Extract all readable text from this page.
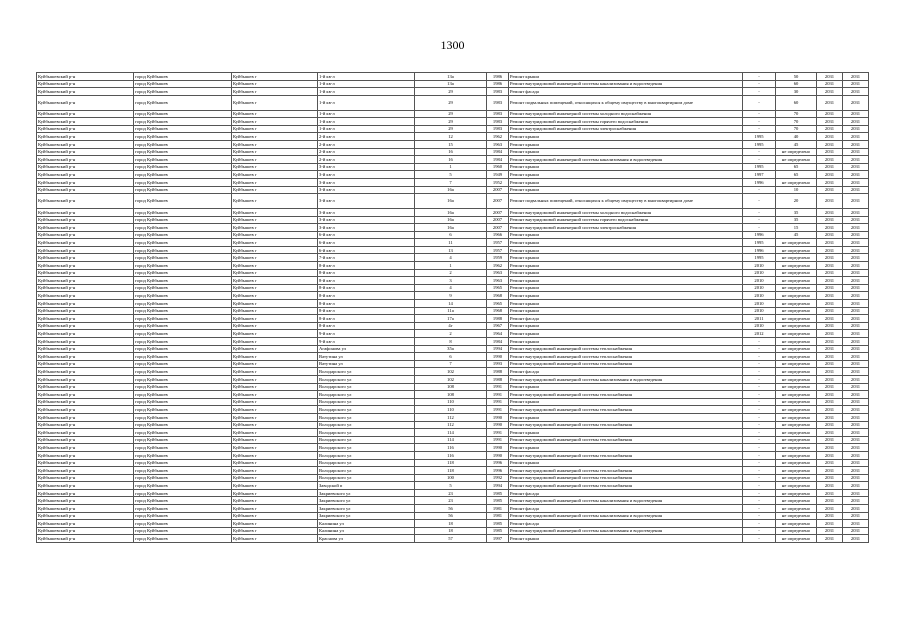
1300
Куйбышевский р-н	город Куйбышев	Куйбышев г	1-й кв-л	13а	1986	Ремонт крыши	-	50	2031	2031
Куйбышевский р-н	город Куйбышев	Куйбышев г	1-й кв-л	13а	1986	Ремонт внутридомовой инженерной системы канализования и водоотведения	-	60	2031	2031
Куйбышевский р-н	город Куйбышев	Куйбышев г	1-й кв-л	29	1983	Ремонт фасада	-	30	2031	2031
Куйбышевский р-н	город Куйбышев	Куйбышев г	1-й кв-л	29	1983	Ремонт подвальных помещений, относящихся к общему имуществу в многоквартирном доме	-	60	2031	2031
Куйбышевский р-н	город Куйбышев	Куйбышев г	1-й кв-л	29	1983	Ремонт внутридомовой инженерной системы холодного водоснабжения	-	70	2031	2031
Куйбышевский р-н	город Куйбышев	Куйбышев г	1-й кв-л	29	1983	Ремонт внутридомовой инженерной системы горячего водоснабжения	-	70	2031	2031
Куйбышевский р-н	город Куйбышев	Куйбышев г	1-й кв-л	29	1983	Ремонт внутридомовой инженерной системы электроснабжения	-	70	2031	2031
Куйбышевский р-н	город Куйбышев	Куйбышев г	2-й кв-л	12	1962	Ремонт крыши	1995	40	2031	2031
Куйбышевский р-н	город Куйбышев	Куйбышев г	2-й кв-л	15	1963	Ремонт крыши	1995	45	2031	2031
Куйбышевский р-н	город Куйбышев	Куйбышев г	2-й кв-л	16	1984	Ремонт крыши	-	не определено	2031	2031
Куйбышевский р-н	город Куйбышев	Куйбышев г	2-й кв-л	16	1984	Ремонт внутридомовой инженерной системы канализования и водоотведения	-	не определено	2031	2031
Куйбышевский р-н	город Куйбышев	Куйбышев г	3-й кв-л	1	1960	Ремонт крыши	1995	65	2031	2031
Куйбышевский р-н	город Куйбышев	Куйбышев г	3-й кв-л	5	1949	Ремонт крыши	1997	65	2031	2031
Куйбышевский р-н	город Куйбышев	Куйбышев г	3-й кв-л	7	1952	Ремонт крыши	1996	не определено	2031	2031
Куйбышевский р-н	город Куйбышев	Куйбышев г	3-й кв-л	16а	2007	Ремонт крыши	-	10	2031	2031
Куйбышевский р-н	город Куйбышев	Куйбышев г	3-й кв-л	16а	2007	Ремонт подвальных помещений, относящихся к общему имуществу в многоквартирном доме	-	20	2031	2031
Куйбышевский р-н	город Куйбышев	Куйбышев г	3-й кв-л	16а	2007	Ремонт внутридомовой инженерной системы холодного водоснабжения	-	35	2031	2031
Куйбышевский р-н	город Куйбышев	Куйбышев г	3-й кв-л	16а	2007	Ремонт внутридомовой инженерной системы горячего водоснабжения	-	35	2031	2031
Куйбышевский р-н	город Куйбышев	Куйбышев г	3-й кв-л	16а	2007	Ремонт внутридомовой инженерной системы электроснабжения	-	15	2031	2031
Куйбышевский р-н	город Куйбышев	Куйбышев г	6-й кв-л	6	1966	Ремонт крыши	1996	45	2031	2031
Куйбышевский р-н	город Куйбышев	Куйбышев г	6-й кв-л	11	1957	Ремонт крыши	1995	не определено	2031	2031
Куйбышевский р-н	город Куйбышев	Куйбышев г	6-й кв-л	13	1957	Ремонт крыши	1996	не определено	2031	2031
Куйбышевский р-н	город Куйбышев	Куйбышев г	7-й кв-л	4	1959	Ремонт крыши	1995	не определено	2031	2031
Куйбышевский р-н	город Куйбышев	Куйбышев г	8-й кв-л	1	1962	Ремонт крыши	2010	не определено	2031	2031
Куйбышевский р-н	город Куйбышев	Куйбышев г	8-й кв-л	2	1963	Ремонт крыши	2010	не определено	2031	2031
Куйбышевский р-н	город Куйбышев	Куйбышев г	8-й кв-л	3	1963	Ремонт крыши	2010	не определено	2031	2031
Куйбышевский р-н	город Куйбышев	Куйбышев г	8-й кв-л	4	1965	Ремонт крыши	2010	не определено	2031	2031
Куйбышевский р-н	город Куйбышев	Куйбышев г	8-й кв-л	9	1968	Ремонт крыши	2010	не определено	2031	2031
Куйбышевский р-н	город Куйбышев	Куйбышев г	8-й кв-л	14	1965	Ремонт крыши	2010	не определено	2031	2031
Куйбышевский р-н	город Куйбышев	Куйбышев г	8-й кв-л	11а	1968	Ремонт крыши	2010	не определено	2031	2031
Куйбышевский р-н	город Куйбышев	Куйбышев г	8-й кв-л	17а	1988	Ремонт фасада	2011	не определено	2031	2031
Куйбышевский р-н	город Куйбышев	Куйбышев г	8-й кв-л	4г	1967	Ремонт крыши	2010	не определено	2031	2031
Куйбышевский р-н	город Куйбышев	Куйбышев г	9-й кв-л	2	1964	Ремонт крыши	2012	не определено	2031	2031
Куйбышевский р-н	город Куйбышев	Куйбышев г	9-й кв-л	8	1984	Ремонт крыши	-	не определено	2031	2031
Куйбышевский р-н	город Куйбышев	Куйбышев г	Агафонова ул	35а	1994	Ремонт внутридомовой инженерной системы теплоснабжения	-	не определено	2031	2031
Куйбышевский р-н	город Куйбышев	Куйбышев г	Ватутина ул	6	1990	Ремонт внутридомовой инженерной системы теплоснабжения	-	не определено	2031	2031
Куйбышевский р-н	город Куйбышев	Куйбышев г	Ватутина ул	7	1993	Ремонт внутридомовой инженерной системы теплоснабжения	-	не определено	2031	2031
Куйбышевский р-н	город Куйбышев	Куйбышев г	Володарского ул	102	1988	Ремонт фасада	-	не определено	2031	2031
Куйбышевский р-н	город Куйбышев	Куйбышев г	Володарского ул	102	1988	Ремонт внутридомовой инженерной системы канализования и водоотведения	-	не определено	2031	2031
Куйбышевский р-н	город Куйбышев	Куйбышев г	Володарского ул	108	1991	Ремонт крыши	-	не определено	2031	2031
Куйбышевский р-н	город Куйбышев	Куйбышев г	Володарского ул	108	1991	Ремонт внутридомовой инженерной системы теплоснабжения	-	не определено	2031	2031
Куйбышевский р-н	город Куйбышев	Куйбышев г	Володарского ул	110	1991	Ремонт крыши	-	не определено	2031	2031
Куйбышевский р-н	город Куйбышев	Куйбышев г	Володарского ул	110	1991	Ремонт внутридомовой инженерной системы теплоснабжения	-	не определено	2031	2031
Куйбышевский р-н	город Куйбышев	Куйбышев г	Володарского ул	112	1990	Ремонт крыши	-	не определено	2031	2031
Куйбышевский р-н	город Куйбышев	Куйбышев г	Володарского ул	112	1990	Ремонт внутридомовой инженерной системы теплоснабжения	-	не определено	2031	2031
Куйбышевский р-н	город Куйбышев	Куйбышев г	Володарского ул	114	1991	Ремонт крыши	-	не определено	2031	2031
Куйбышевский р-н	город Куйбышев	Куйбышев г	Володарского ул	114	1991	Ремонт внутридомовой инженерной системы теплоснабжения	-	не определено	2031	2031
Куйбышевский р-н	город Куйбышев	Куйбышев г	Володарского ул	116	1990	Ремонт крыши	-	не определено	2031	2031
Куйбышевский р-н	город Куйбышев	Куйбышев г	Володарского ул	116	1990	Ремонт внутридомовой инженерной системы теплоснабжения	-	не определено	2031	2031
Куйбышевский р-н	город Куйбышев	Куйбышев г	Володарского ул	118	1996	Ремонт крыши	-	не определено	2031	2031
Куйбышевский р-н	город Куйбышев	Куйбышев г	Володарского ул	118	1996	Ремонт внутридомовой инженерной системы теплоснабжения	-	не определено	2031	2031
Куйбышевский р-н	город Куйбышев	Куйбышев г	Володарского ул	100	1992	Ремонт внутридомовой инженерной системы теплоснабжения	-	не определено	2031	2031
Куйбышевский р-н	город Куйбышев	Куйбышев г	Заводской п	5	1994	Ремонт внутридомовой инженерной системы теплоснабжения	-	не определено	2031	2031
Куйбышевский р-н	город Куйбышев	Куйбышев г	Закриевского ул	23	1985	Ремонт фасада	-	не определено	2031	2031
Куйбышевский р-н	город Куйбышев	Куйбышев г	Закриевского ул	23	1985	Ремонт внутридомовой инженерной системы канализования и водоотведения	-	не определено	2031	2031
Куйбышевский р-н	город Куйбышев	Куйбышев г	Закриевского ул	56	1981	Ремонт фасада	-	не определено	2031	2031
Куйбышевский р-н	город Куйбышев	Куйбышев г	Закриевского ул	56	1981	Ремонт внутридомовой инженерной системы канализования и водоотведения	-	не определено	2031	2031
Куйбышевский р-н	город Куйбышев	Куйбышев г	Калинина ул	18	1985	Ремонт фасада	-	не определено	2031	2031
Куйбышевский р-н	город Куйбышев	Куйбышев г	Калинина ул	18	1985	Ремонт внутридомовой инженерной системы канализования и водоотведения	-	не определено	2031	2031
Куйбышевский р-н	город Куйбышев	Куйбышев г	Краснова ул	57	1997	Ремонт крыши	-	не определено	2031	2031
